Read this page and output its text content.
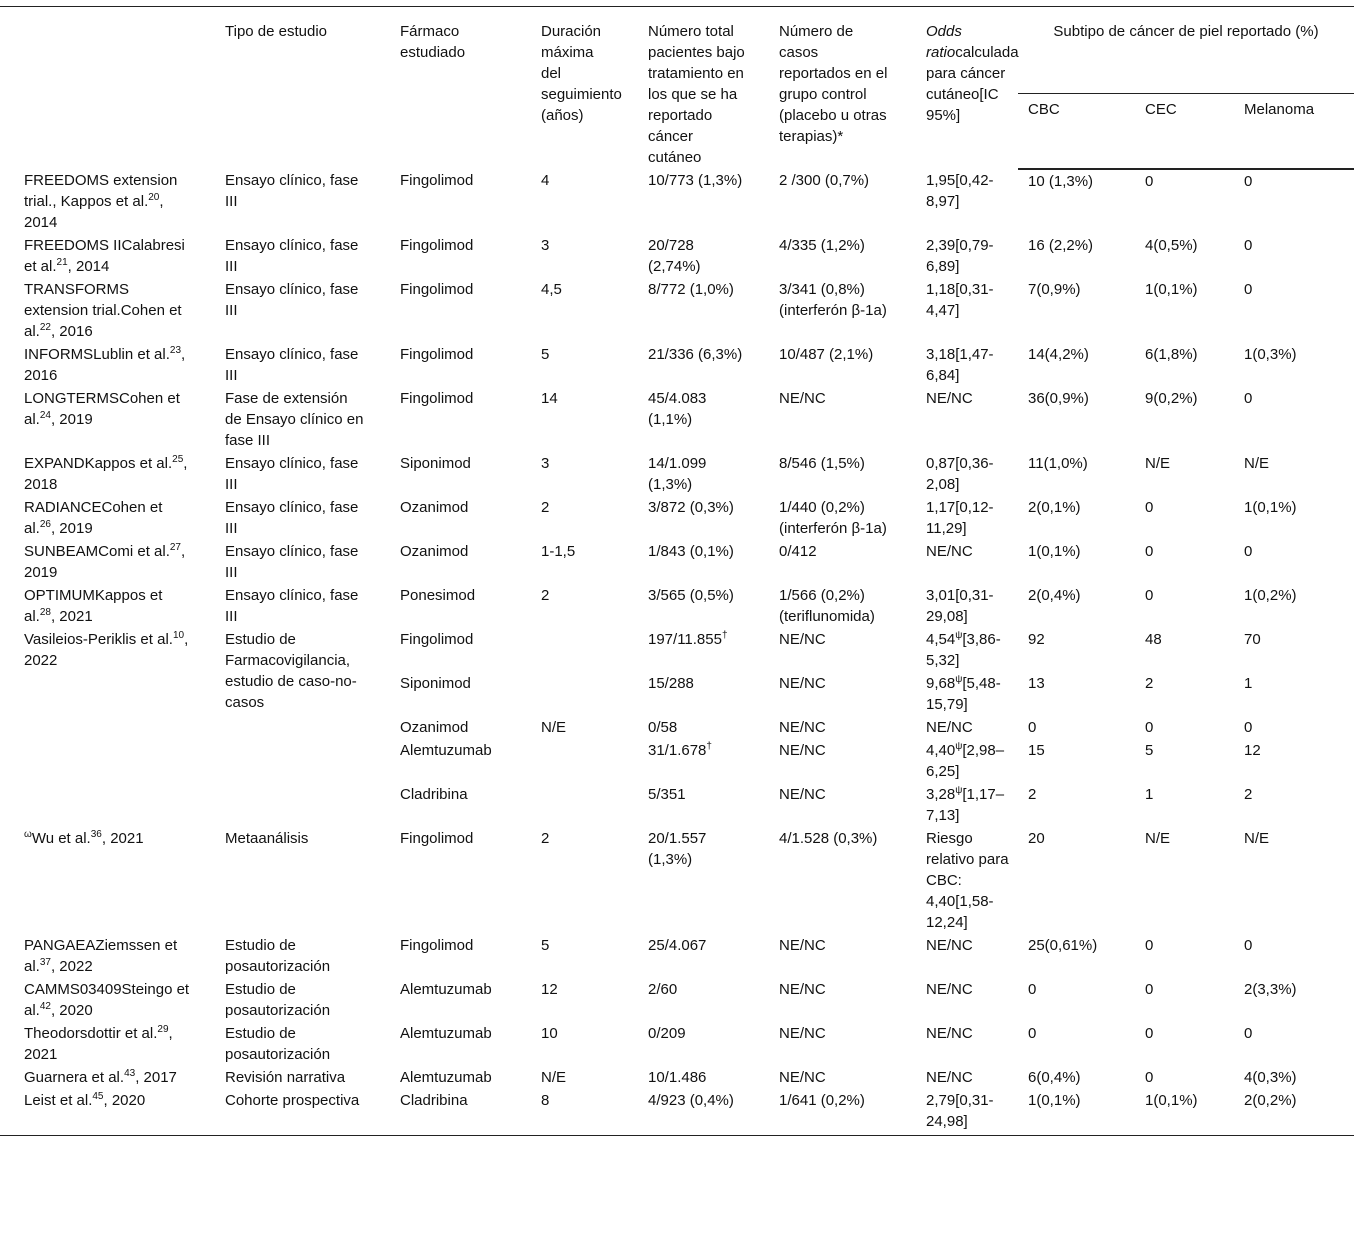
	Tipo de estudio	Fármaco estudiado	Duración máxima del seguimiento (años)	Número total pacientes bajo tratamiento en los que se ha reportado cáncer cutáneo	Número de casos reportados en el grupo control (placebo u otras terapias)*	Odds ratiocalculada para cáncer cutáneo[IC 95%]	Subtipo de cáncer de piel reportado (%)		
							CBC	CEC	Melanoma
FREEDOMS extension trial., Kappos et al.$^{20}$, 2014	Ensayo clínico, fase III	Fingolimod	4	10/773 (1,3%)	2 /300 (0,7%)	1,95[0,42-8,97]	10 (1,3%)	0	0
FREEDOMS IICalabresi et al.$^{21}$, 2014	Ensayo clínico, fase III	Fingolimod	3	20/728 (2,74%)	4/335 (1,2%)	2,39[0,79-6,89]	16 (2,2%)	4(0,5%)	0
TRANSFORMS extension trial.Cohen et al.$^{22}$, 2016	Ensayo clínico, fase III	Fingolimod	4,5	8/772 (1,0%)	3/341 (0,8%) (interferón β-1a)	1,18[0,31-4,47]	7(0,9%)	1(0,1%)	0
INFORMSLublin et al.$^{23}$, 2016	Ensayo clínico, fase III	Fingolimod	5	21/336 (6,3%)	10/487 (2,1%)	3,18[1,47-6,84]	14(4,2%)	6(1,8%)	1(0,3%)
LONGTERMSCohen et al.$^{24}$, 2019	Fase de extensión de Ensayo clínico en fase III	Fingolimod	14	45/4.083 (1,1%)	NE/NC	NE/NC	36(0,9%)	9(0,2%)	0
EXPANDKappos et al.$^{25}$, 2018	Ensayo clínico, fase III	Siponimod	3	14/1.099 (1,3%)	8/546 (1,5%)	0,87[0,36-2,08]	11(1,0%)	N/E	N/E
RADIANCECohen et al.$^{26}$, 2019	Ensayo clínico, fase III	Ozanimod	2	3/872 (0,3%)	1/440 (0,2%) (interferón β-1a)	1,17[0,12-11,29]	2(0,1%)	0	1(0,1%)
SUNBEAMComi et al.$^{27}$, 2019	Ensayo clínico, fase III	Ozanimod	1-1,5	1/843 (0,1%)	0/412	NE/NC	1(0,1%)	0	0
OPTIMUMKappos et al.$^{28}$, 2021	Ensayo clínico, fase III	Ponesimod	2	3/565 (0,5%)	1/566 (0,2%) (teriflunomida)	3,01[0,31-29,08]	2(0,4%)	0	1(0,2%)
Vasileios-Periklis et al.$^{10}$, 2022	Estudio de Farmacovigilancia, estudio de caso-no-casos	Fingolimod		197/11.855†	NE/NC	$4,54^\psi[3,86-5,32]$	92	48	70
		Siponimod		15/288	NE/NC	$9,68^\psi[5,48-15,79]$	13	2	1
		Ozanimod	N/E	0/58	NE/NC	NE/NC	0	0	0
		Alemtuzumab		31/1.678†	NE/NC	$4,40^\psi[2,98-6,25]$	15	5	12
		Cladribina		5/351	NE/NC	$3,28^\psi[1,17-7,13]$	2	1	2
$^\omega$Wu et al.$^{36}$, 2021	Metaanálisis	Fingolimod	2	20/1.557 (1,3%)	4/1.528 (0,3%)	Riesgo relativo para CBC: 4,40[1,58-12,24]	20	N/E	N/E
PANGAEAZiemssen et al.$^{37}$, 2022	Estudio de posautorización	Fingolimod	5	25/4.067	NE/NC	NE/NC	25(0,61%)	0	0
CAMMS03409Steingo et al.$^{42}$, 2020	Estudio de posautorización	Alemtuzumab	12	2/60	NE/NC	NE/NC	0	0	2(3,3%)
Theodorsdottir et al.$^{29}$, 2021	Estudio de posautorización	Alemtuzumab	10	0/209	NE/NC	NE/NC	0	0	0
Guarnera et al.$^{43}$, 2017	Revisión narrativa	Alemtuzumab	N/E	10/1.486	NE/NC	NE/NC	6(0,4%)	0	4(0,3%)
Leist et al.$^{45}$, 2020	Cohorte prospectiva	Cladribina	8	4/923 (0,4%)	1/641 (0,2%)	2,79[0,31-24,98]	1(0,1%)	1(0,1%)	2(0,2%)
